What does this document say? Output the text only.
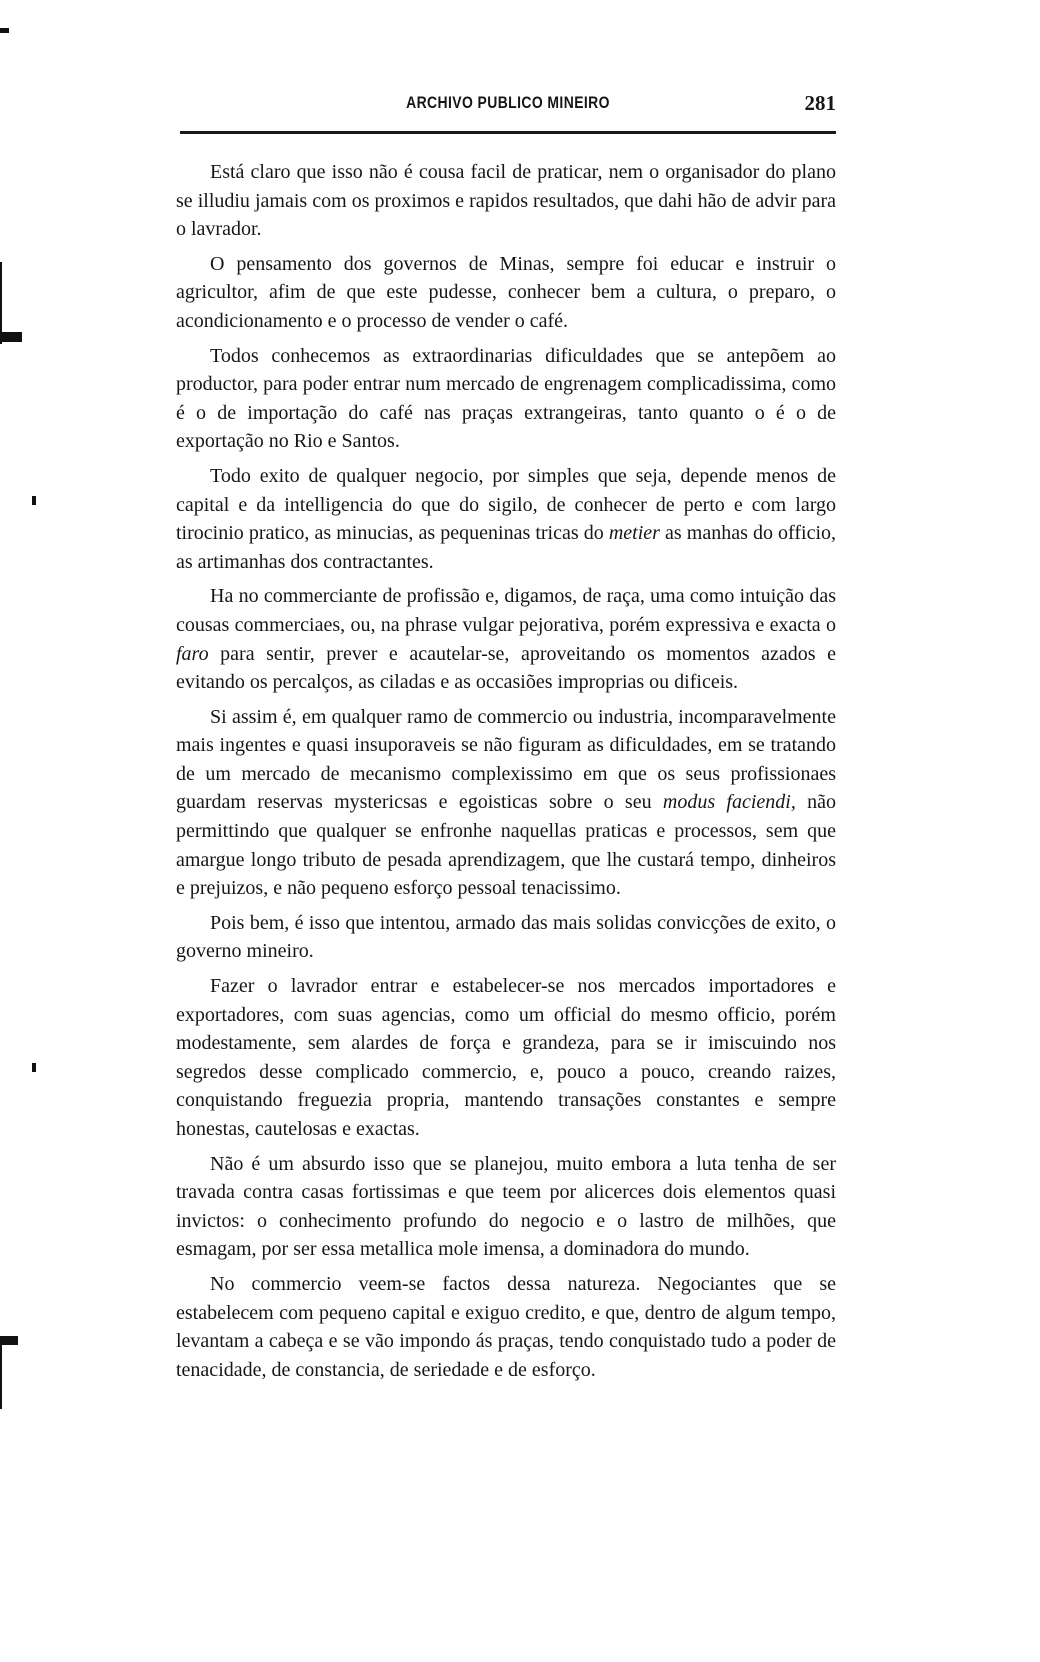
ARCHIVO PUBLICO MINEIRO	281

Está claro que isso não é cousa facil de praticar, nem o organisador do plano se illudiu jamais com os proximos e rapidos resultados, que dahi hão de advir para o lavrador.

O pensamento dos governos de Minas, sempre foi educar e instruir o agricultor, afim de que este pudesse, conhecer bem a cultura, o preparo, o acondicionamento e o processo de vender o café.

Todos conhecemos as extraordinarias dificuldades que se antepõem ao productor, para poder entrar num mercado de engrenagem complicadissima, como é o de importação do café nas praças extrangeiras, tanto quanto o é o de exportação no Rio e Santos.

Todo exito de qualquer negocio, por simples que seja, depende menos de capital e da intelligencia do que do sigilo, de conhecer de perto e com largo tirocinio pratico, as minucias, as pequeninas tricas do metier as manhas do officio, as artimanhas dos contractantes.

Ha no commerciante de profissão e, digamos, de raça, uma como intuição das cousas commerciaes, ou, na phrase vulgar pejorativa, porém expressiva e exacta o faro para sentir, prever e acautelar-se, aproveitando os momentos azados e evitando os percalços, as ciladas e as occasiões improprias ou dificeis.

Si assim é, em qualquer ramo de commercio ou industria, incomparavelmente mais ingentes e quasi insuporaveis se não figuram as dificuldades, em se tratando de um mercado de mecanismo complexissimo em que os seus profissionaes guardam reservas mystericsas e egoisticas sobre o seu modus faciendi, não permittindo que qualquer se enfronhe naquellas praticas e processos, sem que amargue longo tributo de pesada aprendizagem, que lhe custará tempo, dinheiros e prejuizos, e não pequeno esforço pessoal tenacissimo.

Pois bem, é isso que intentou, armado das mais solidas convicções de exito, o governo mineiro.

Fazer o lavrador entrar e estabelecer-se nos mercados importadores e exportadores, com suas agencias, como um official do mesmo officio, porém modestamente, sem alardes de força e grandeza, para se ir imiscuindo nos segredos desse complicado commercio, e, pouco a pouco, creando raizes, conquistando freguezia propria, mantendo transações constantes e sempre honestas, cautelosas e exactas.

Não é um absurdo isso que se planejou, muito embora a luta tenha de ser travada contra casas fortissimas e que teem por alicerces dois elementos quasi invictos: o conhecimento profundo do negocio e o lastro de milhões, que esmagam, por ser essa metallica mole imensa, a dominadora do mundo.

No commercio veem-se factos dessa natureza. Negociantes que se estabelecem com pequeno capital e exiguo credito, e que, dentro de algum tempo, levantam a cabeça e se vão impondo ás praças, tendo conquistado tudo a poder de tenacidade, de constancia, de seriedade e de esforço.
